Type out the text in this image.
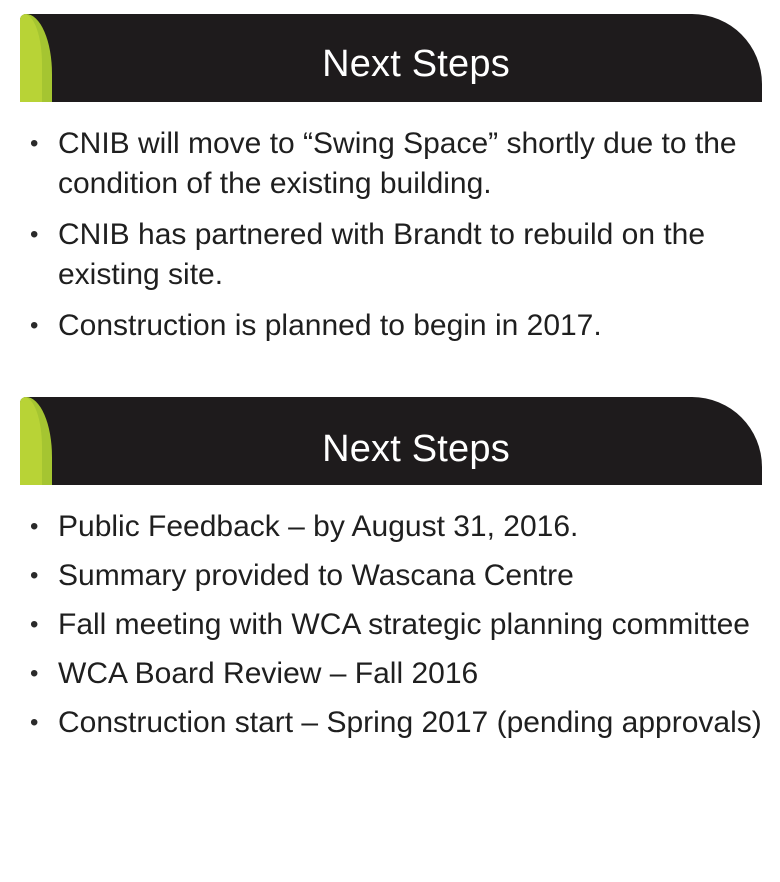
Next Steps
• CNIB will move to “Swing Space” shortly due to the condition of the existing building.
• CNIB has partnered with Brandt to rebuild on the existing site.
• Construction is planned to begin in 2017.
Next Steps
• Public Feedback – by August 31, 2016.
• Summary provided to Wascana Centre
• Fall meeting with WCA strategic planning committee
• WCA Board Review – Fall 2016
• Construction start – Spring 2017 (pending approvals)
